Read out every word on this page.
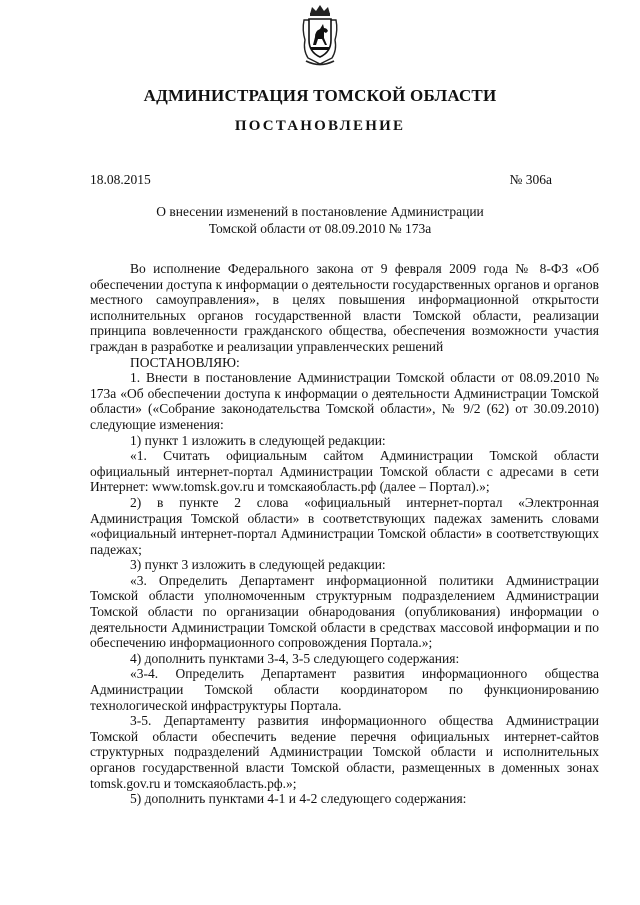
АДМИНИСТРАЦИЯ ТОМСКОЙ ОБЛАСТИ
ПОСТАНОВЛЕНИЕ
18.08.2015	№ 306а
О внесении изменений в постановление Администрации
Томской области от 08.09.2010 № 173а

Во исполнение Федерального закона от 9 февраля 2009 года № 8-ФЗ «Об обеспечении доступа к информации о деятельности государственных органов и органов местного самоуправления», в целях повышения информационной открытости исполнительных органов государственной власти Томской области, реализации принципа вовлеченности гражданского общества, обеспечения возможности участия граждан в разработке и реализации управленческих решений

ПОСТАНОВЛЯЮ:

1. Внести в постановление Администрации Томской области от 08.09.2010 № 173а «Об обеспечении доступа к информации о деятельности Администрации Томской области» («Собрание законодательства Томской области», № 9/2 (62) от 30.09.2010) следующие изменения:

1) пункт 1 изложить в следующей редакции:

«1. Считать официальным сайтом Администрации Томской области официальный интернет-портал Администрации Томской области с адресами в сети Интернет: www.tomsk.gov.ru и томскаяобласть.рф (далее – Портал).»;

2) в пункте 2 слова «официальный интернет-портал «Электронная Администрация Томской области» в соответствующих падежах заменить словами «официальный интернет-портал Администрации Томской области» в соответствующих падежах;

3) пункт 3 изложить в следующей редакции:

«3. Определить Департамент информационной политики Администрации Томской области уполномоченным структурным подразделением Администрации Томской области по организации обнародования (опубликования) информации о деятельности Администрации Томской области в средствах массовой информации и по обеспечению информационного сопровождения Портала.»;

4) дополнить пунктами 3-4, 3-5 следующего содержания:

«3-4. Определить Департамент развития информационного общества Администрации Томской области координатором по функционированию технологической инфраструктуры Портала.

3-5. Департаменту развития информационного общества Администрации Томской области обеспечить ведение перечня официальных интернет-сайтов структурных подразделений Администрации Томской области и исполнительных органов государственной власти Томской области, размещенных в доменных зонах tomsk.gov.ru и томскаяобласть.рф.»;

5) дополнить пунктами 4-1 и 4-2 следующего содержания:
